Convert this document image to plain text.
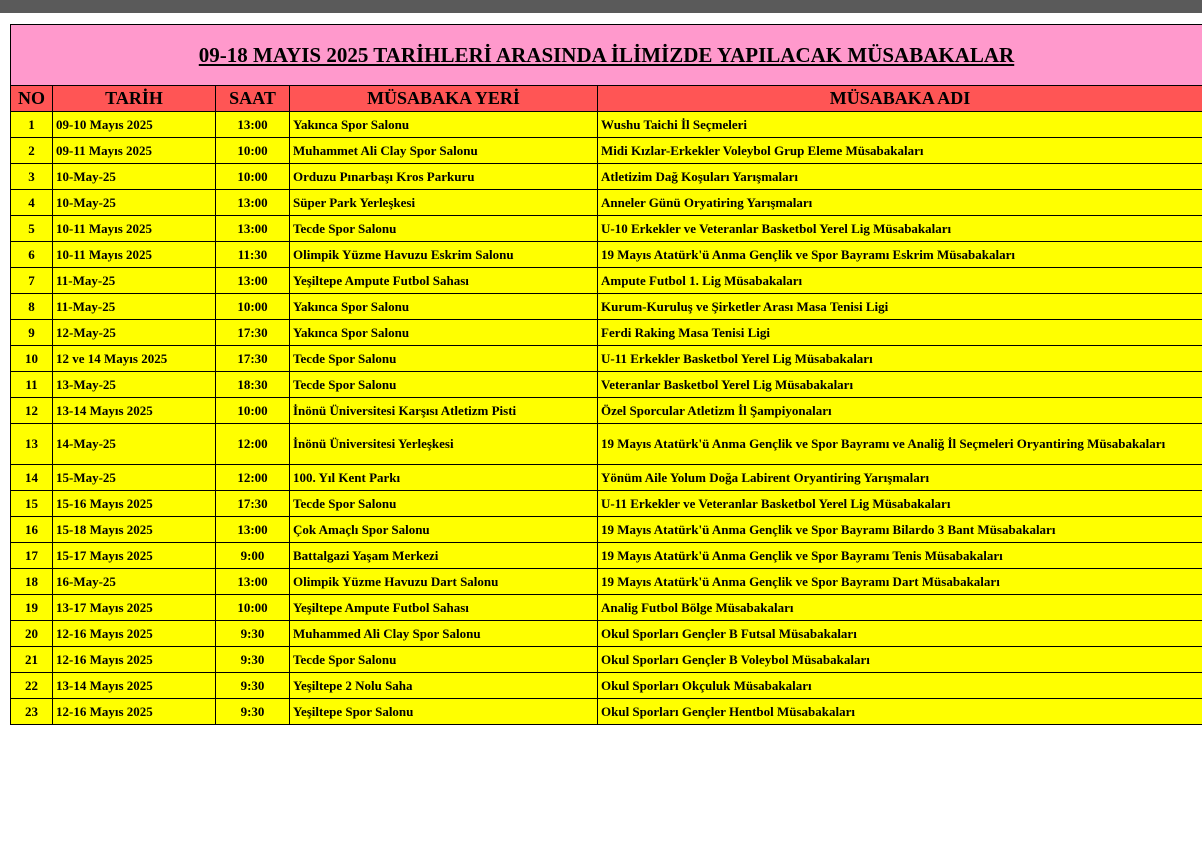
09-18 MAYIS 2025 TARİHLERİ ARASINDA İLİMİZDE YAPILACAK MÜSABAKALAR				
NO	TARİH	SAAT	MÜSABAKA YERİ	MÜSABAKA ADI
1	09-10 Mayıs 2025	13:00	Yakınca Spor Salonu	Wushu Taichi İl Seçmeleri
2	09-11 Mayıs 2025	10:00	Muhammet Ali Clay Spor Salonu	Midi Kızlar-Erkekler Voleybol Grup Eleme Müsabakaları
3	10-May-25	10:00	Orduzu Pınarbaşı Kros Parkuru	Atletizim Dağ Koşuları Yarışmaları
4	10-May-25	13:00	Süper Park Yerleşkesi	Anneler Günü Oryatiring Yarışmaları
5	10-11 Mayıs 2025	13:00	Tecde Spor Salonu	U-10 Erkekler ve Veteranlar Basketbol Yerel Lig Müsabakaları
6	10-11 Mayıs 2025	11:30	Olimpik Yüzme Havuzu Eskrim Salonu	19 Mayıs Atatürk'ü Anma Gençlik ve Spor Bayramı Eskrim Müsabakaları
7	11-May-25	13:00	Yeşiltepe Ampute Futbol Sahası	Ampute Futbol 1. Lig Müsabakaları
8	11-May-25	10:00	Yakınca Spor Salonu	Kurum-Kuruluş ve Şirketler Arası Masa Tenisi Ligi
9	12-May-25	17:30	Yakınca Spor Salonu	Ferdi Raking Masa Tenisi Ligi
10	12 ve 14 Mayıs 2025	17:30	Tecde Spor Salonu	U-11 Erkekler Basketbol Yerel Lig Müsabakaları
11	13-May-25	18:30	Tecde Spor Salonu	Veteranlar Basketbol Yerel Lig Müsabakaları
12	13-14 Mayıs 2025	10:00	İnönü Üniversitesi Karşısı Atletizm Pisti	Özel Sporcular Atletizm İl Şampiyonaları
13	14-May-25	12:00	İnönü Üniversitesi Yerleşkesi	19 Mayıs Atatürk'ü Anma Gençlik ve Spor Bayramı ve Analiğ İl Seçmeleri Oryantiring Müsabakaları
14	15-May-25	12:00	100. Yıl Kent Parkı	Yönüm Aile Yolum Doğa Labirent Oryantiring Yarışmaları
15	15-16 Mayıs 2025	17:30	Tecde Spor Salonu	U-11 Erkekler ve Veteranlar Basketbol Yerel Lig Müsabakaları
16	15-18 Mayıs 2025	13:00	Çok Amaçlı Spor Salonu	19 Mayıs Atatürk'ü Anma Gençlik ve Spor Bayramı Bilardo 3 Bant Müsabakaları
17	15-17 Mayıs 2025	9:00	Battalgazi Yaşam Merkezi	19 Mayıs Atatürk'ü Anma Gençlik ve Spor Bayramı Tenis Müsabakaları
18	16-May-25	13:00	Olimpik Yüzme Havuzu Dart Salonu	19 Mayıs Atatürk'ü Anma Gençlik ve Spor Bayramı Dart Müsabakaları
19	13-17 Mayıs 2025	10:00	Yeşiltepe Ampute Futbol Sahası	Analig Futbol Bölge Müsabakaları
20	12-16 Mayıs 2025	9:30	Muhammed Ali Clay Spor Salonu	Okul Sporları Gençler B Futsal Müsabakaları
21	12-16 Mayıs 2025	9:30	Tecde Spor Salonu	Okul Sporları Gençler B Voleybol Müsabakaları
22	13-14 Mayıs 2025	9:30	Yeşiltepe 2 Nolu Saha	Okul Sporları Okçuluk Müsabakaları
23	12-16 Mayıs 2025	9:30	Yeşiltepe Spor Salonu	Okul Sporları Gençler Hentbol Müsabakaları
